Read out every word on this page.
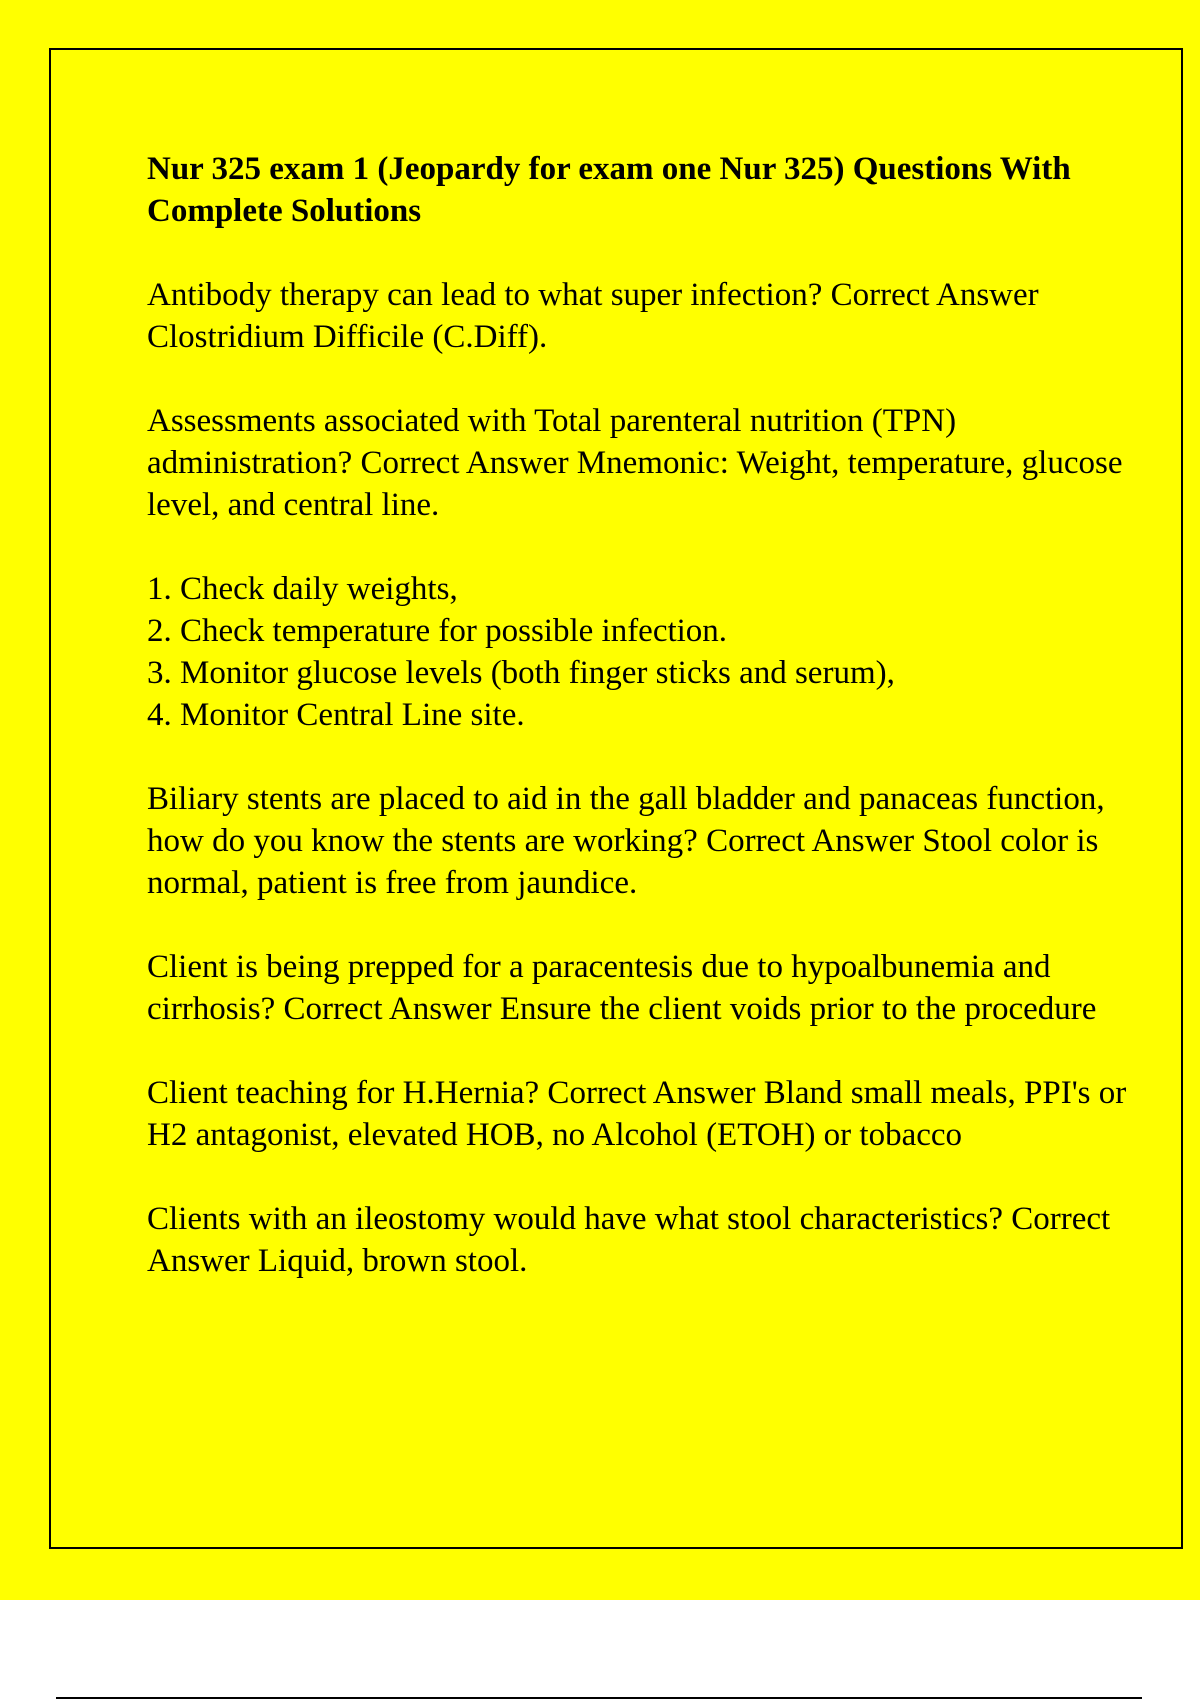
Nur 325 exam 1 (Jeopardy for exam one Nur 325) Questions With Complete Solutions

Antibody therapy can lead to what super infection? Correct Answer Clostridium Difficile (C.Diff).

Assessments associated with Total parenteral nutrition (TPN) administration? Correct Answer Mnemonic: Weight, temperature, glucose level, and central line.

1. Check daily weights,
2. Check temperature for possible infection.
3. Monitor glucose levels (both finger sticks and serum),
4. Monitor Central Line site.

Biliary stents are placed to aid in the gall bladder and panaceas function, how do you know the stents are working? Correct Answer Stool color is normal, patient is free from jaundice.

Client is being prepped for a paracentesis due to hypoalbunemia and cirrhosis? Correct Answer Ensure the client voids prior to the procedure

Client teaching for H.Hernia? Correct Answer Bland small meals, PPI's or H2 antagonist, elevated HOB, no Alcohol (ETOH) or tobacco

Clients with an ileostomy would have what stool characteristics? Correct Answer Liquid, brown stool.
